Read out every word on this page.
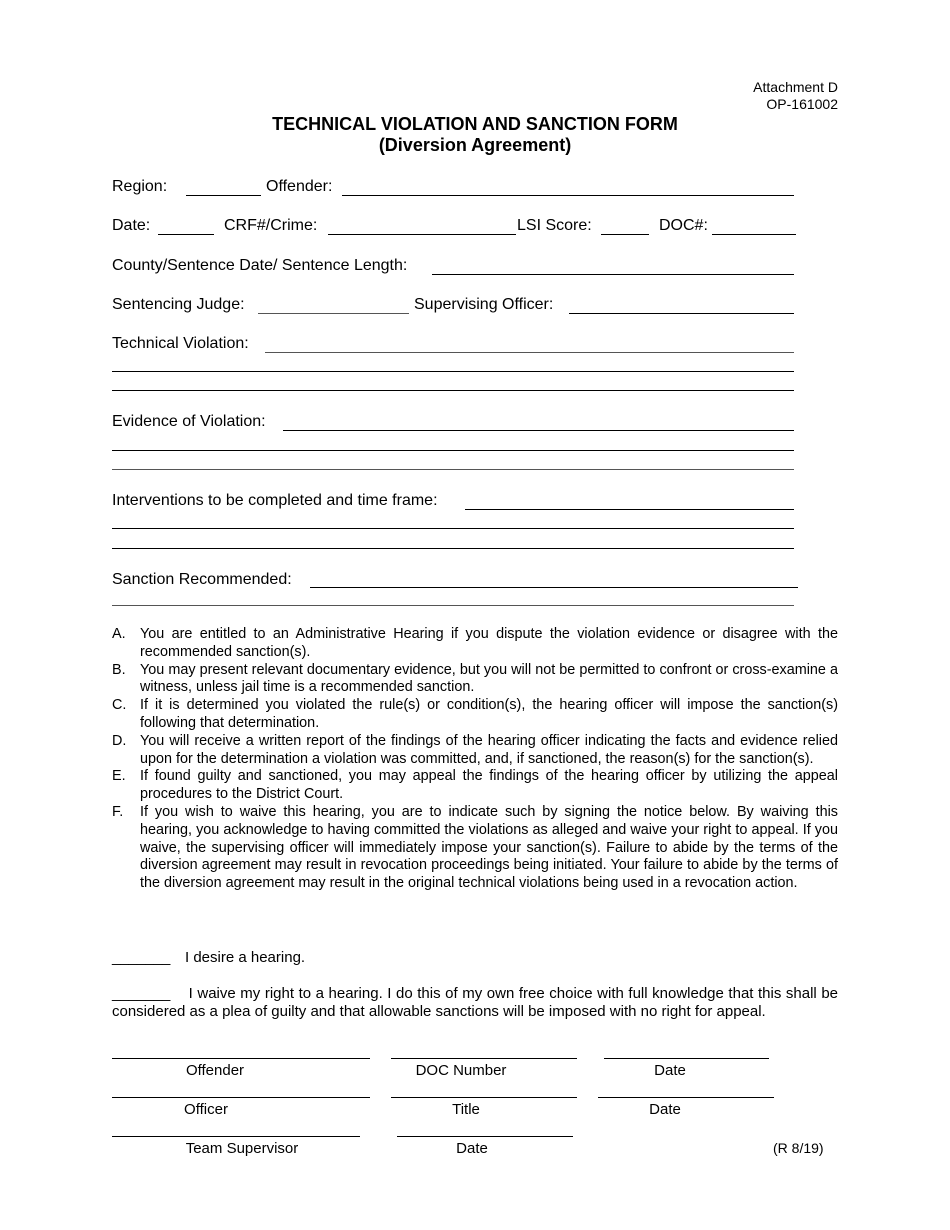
Attachment D
OP-161002
TECHNICAL VIOLATION AND SANCTION FORM
(Diversion Agreement)
Region:	Offender:
Date:	CRF#/Crime:	LSI Score:	DOC#:
County/Sentence Date/ Sentence Length:
Sentencing Judge:	Supervising Officer:
Technical Violation:
Evidence of Violation:
Interventions to be completed and time frame:
Sanction Recommended:
A. You are entitled to an Administrative Hearing if you dispute the violation evidence or disagree with the recommended sanction(s).
B. You may present relevant documentary evidence, but you will not be permitted to confront or cross-examine a witness, unless jail time is a recommended sanction.
C. If it is determined you violated the rule(s) or condition(s), the hearing officer will impose the sanction(s) following that determination.
D. You will receive a written report of the findings of the hearing officer indicating the facts and evidence relied upon for the determination a violation was committed, and, if sanctioned, the reason(s) for the sanction(s).
E. If found guilty and sanctioned, you may appeal the findings of the hearing officer by utilizing the appeal procedures to the District Court.
F. If you wish to waive this hearing, you are to indicate such by signing the notice below. By waiving this hearing, you acknowledge to having committed the violations as alleged and waive your right to appeal. If you waive, the supervising officer will immediately impose your sanction(s). Failure to abide by the terms of the diversion agreement may result in revocation proceedings being initiated. Your failure to abide by the terms of the diversion agreement may result in the original technical violations being used in a revocation action.
_______ I desire a hearing.
_______ I waive my right to a hearing. I do this of my own free choice with full knowledge that this shall be considered as a plea of guilty and that allowable sanctions will be imposed with no right for appeal.
Offender	DOC Number	Date
Officer	Title	Date
Team Supervisor	Date	(R 8/19)
